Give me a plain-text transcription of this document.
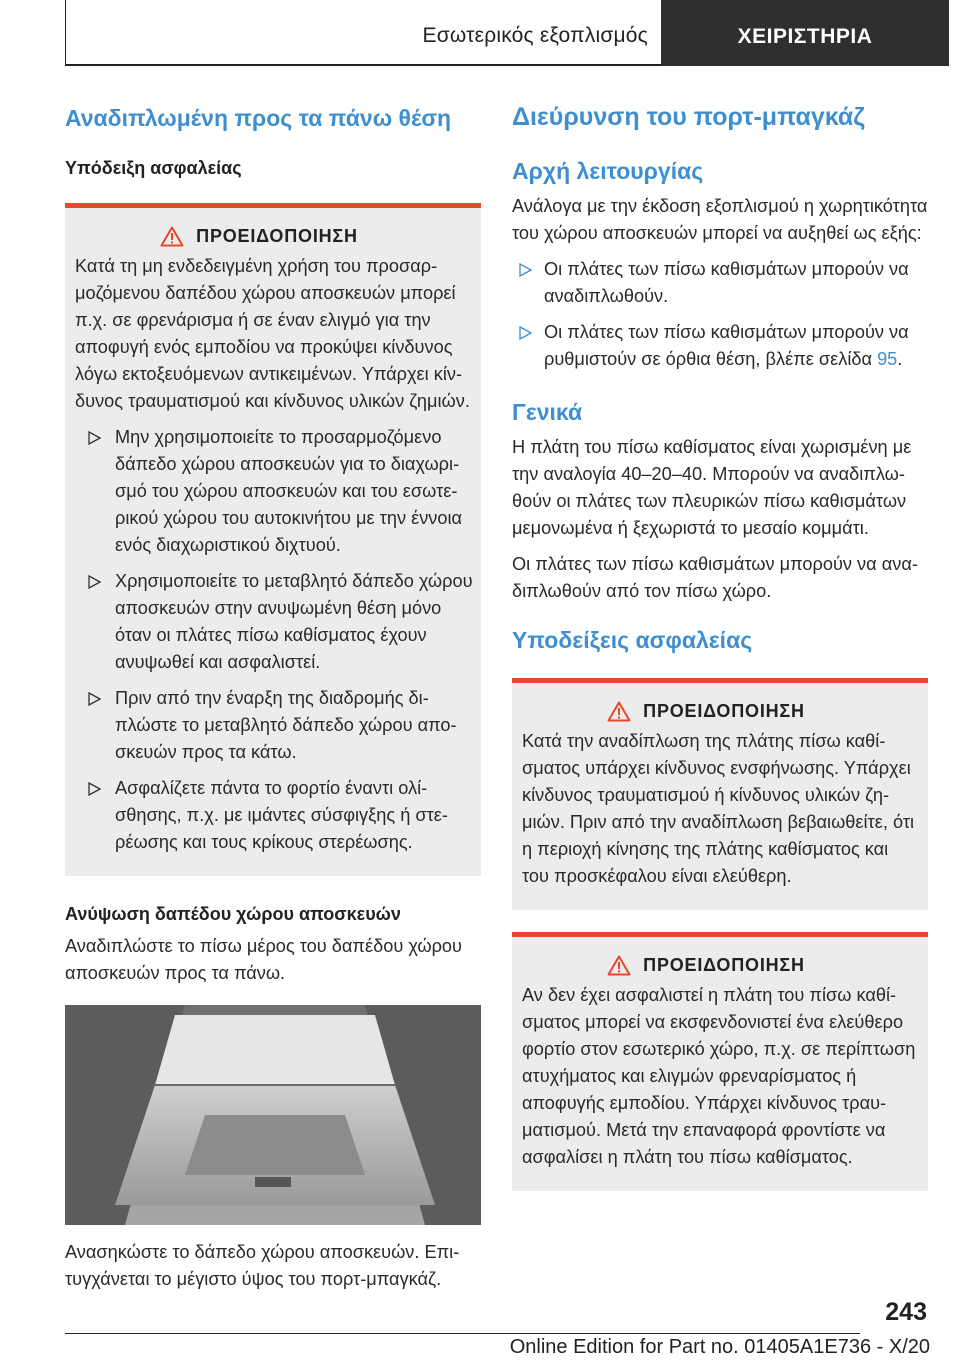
Εσωτερικός εξοπλισμός	ΧΕΙΡΙΣΤΗΡΙΑ
Αναδιπλωμένη προς τα πάνω θέση
Υπόδειξη ασφαλείας
ΠΡΟΕΙΔΟΠΟΙΗΣΗ

Κατά τη μη ενδεδειγμένη χρήση του προσαρμοζόμενου δαπέδου χώρου αποσκευών μπορεί π.χ. σε φρενάρισμα ή σε έναν ελιγμό για την αποφυγή ενός εμποδίου να προκύψει κίνδυνος λόγω εκτοξευόμενων αντικειμένων. Υπάρχει κίνδυνος τραυματισμού και κίνδυνος υλικών ζημιών.

Μην χρησιμοποιείτε το προσαρμοζόμενο δάπεδο χώρου αποσκευών για το διαχωρισμό του χώρου αποσκευών και του εσωτερικού χώρου του αυτοκινήτου με την έννοια ενός διαχωριστικού διχτυού.
Χρησιμοποιείτε το μεταβλητό δάπεδο χώρου αποσκευών στην ανυψωμένη θέση μόνο όταν οι πλάτες πίσω καθίσματος έχουν ανυψωθεί και ασφαλιστεί.
Πριν από την έναρξη της διαδρομής διπλώστε το μεταβλητό δάπεδο χώρου αποσκευών προς τα κάτω.
Ασφαλίζετε πάντα το φορτίο έναντι ολίσθησης, π.χ. με ιμάντες σύσφιγξης ή στερέωσης και τους κρίκους στερέωσης.
Ανύψωση δαπέδου χώρου αποσκευών

Αναδιπλώστε το πίσω μέρος του δαπέδου χώρου αποσκευών προς τα πάνω.

Ανασηκώστε το δάπεδο χώρου αποσκευών. Επιτυγχάνεται το μέγιστο ύψος του πορτ-μπαγκάζ.

Διεύρυνση του πορτ-μπαγκάζ
Αρχή λειτουργίας

Ανάλογα με την έκδοση εξοπλισμού η χωρητικότητα του χώρου αποσκευών μπορεί να αυξηθεί ως εξής:

Οι πλάτες των πίσω καθισμάτων μπορούν να αναδιπλωθούν.
Οι πλάτες των πίσω καθισμάτων μπορούν να ρυθμιστούν σε όρθια θέση, βλέπε σελίδα 95.
Γενικά

Η πλάτη του πίσω καθίσματος είναι χωρισμένη με την αναλογία 40–20–40. Μπορούν να αναδιπλωθούν οι πλάτες των πλευρικών πίσω καθισμάτων μεμονωμένα ή ξεχωριστά το μεσαίο κομμάτι.

Οι πλάτες των πίσω καθισμάτων μπορούν να αναδιπλωθούν από τον πίσω χώρο.

Υποδείξεις ασφαλείας
ΠΡΟΕΙΔΟΠΟΙΗΣΗ

Κατά την αναδίπλωση της πλάτης πίσω καθίσματος υπάρχει κίνδυνος ενσφήνωσης. Υπάρχει κίνδυνος τραυματισμού ή κίνδυνος υλικών ζημιών. Πριν από την αναδίπλωση βεβαιωθείτε, ότι η περιοχή κίνησης της πλάτης καθίσματος και του προσκέφαλου είναι ελεύθερη.

ΠΡΟΕΙΔΟΠΟΙΗΣΗ

Αν δεν έχει ασφαλιστεί η πλάτη του πίσω καθίσματος μπορεί να εκσφενδονιστεί ένα ελεύθερο φορτίο στον εσωτερικό χώρο, π.χ. σε περίπτωση ατυχήματος και ελιγμών φρεναρίσματος ή αποφυγής εμποδίου. Υπάρχει κίνδυνος τραυματισμού. Μετά την επαναφορά φροντίστε να ασφαλίσει η πλάτη του πίσω καθίσματος.

243
Online Edition for Part no. 01405A1E736 - X/20
